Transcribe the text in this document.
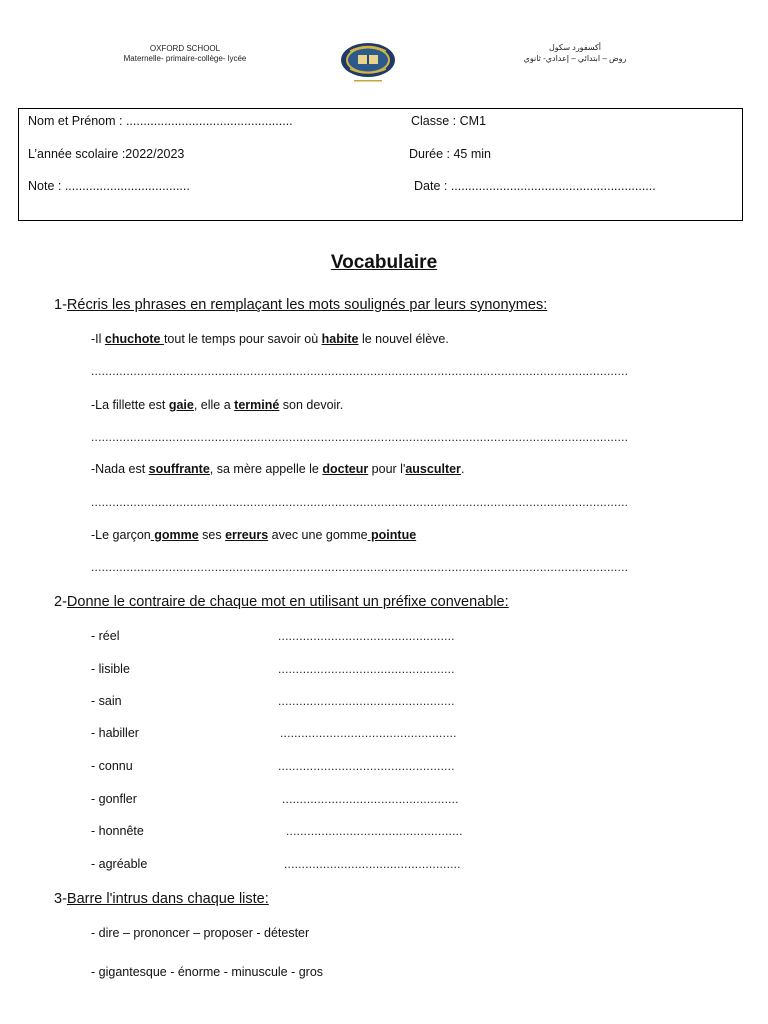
OXFORD SCHOOL
Maternelle- primaire-collège- lycée
أكسفورد سكول
روض – ابتدائي – إعدادي- ثانوي
Nom et Prénom : ................................................	Classe : CM1
L’année scolaire :2022/2023	Durée : 45 min
Note : ....................................	Date : ...........................................................
Vocabulaire
1-Récris les phrases en remplaçant les mots soulignés par leurs synonymes:
-Il chuchote tout le temps pour savoir où habite le nouvel élève.
........................................................................................................................................................
-La fillette est gaie, elle a terminé son devoir.
........................................................................................................................................................
-Nada est souffrante, sa mère appelle le docteur pour l'ausculter.
........................................................................................................................................................
-Le garçon gomme ses erreurs avec une gomme pointue
........................................................................................................................................................
2-Donne le contraire de chaque mot en utilisant un préfixe convenable:
- réel	..................................................
- lisible	..................................................
- sain	..................................................
- habiller	..................................................
- connu	..................................................
- gonfler	..................................................
- honnête	..................................................
- agréable	..................................................
3-Barre l'intrus dans chaque liste:
- dire – prononcer – proposer - détester
- gigantesque - énorme - minuscule - gros
